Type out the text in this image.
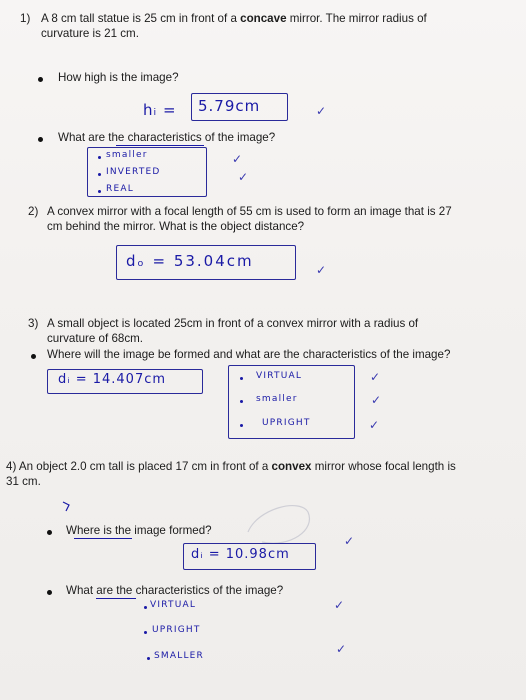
1) A 8 cm tall statue is 25 cm in front of a concave mirror. The mirror radius of
curvature is 21 cm.
How high is the image?
hᵢ = 5.79cm	✓
What are the characteristics of the image?
smaller
INVERTED
REAL
✓
✓
2) A convex mirror with a focal length of 55 cm is used to form an image that is 27
cm behind the mirror. What is the object distance?
dₒ = 53.04cm	✓
3) A small object is located 25cm in front of a convex mirror with a radius of
curvature of 68cm.
Where will the image be formed and what are the characteristics of the image?
dᵢ = 14.407cm	VIRTUAL
smaller
UPRIGHT
✓
✓
✓
4) An object 2.0 cm tall is placed 17 cm in front of a convex mirror whose focal length is
31 cm.
Where is the image formed?
dᵢ = 10.98cm
✓
What are the characteristics of the image?
VIRTUAL
UPRIGHT
SMALLER
✓
✓
